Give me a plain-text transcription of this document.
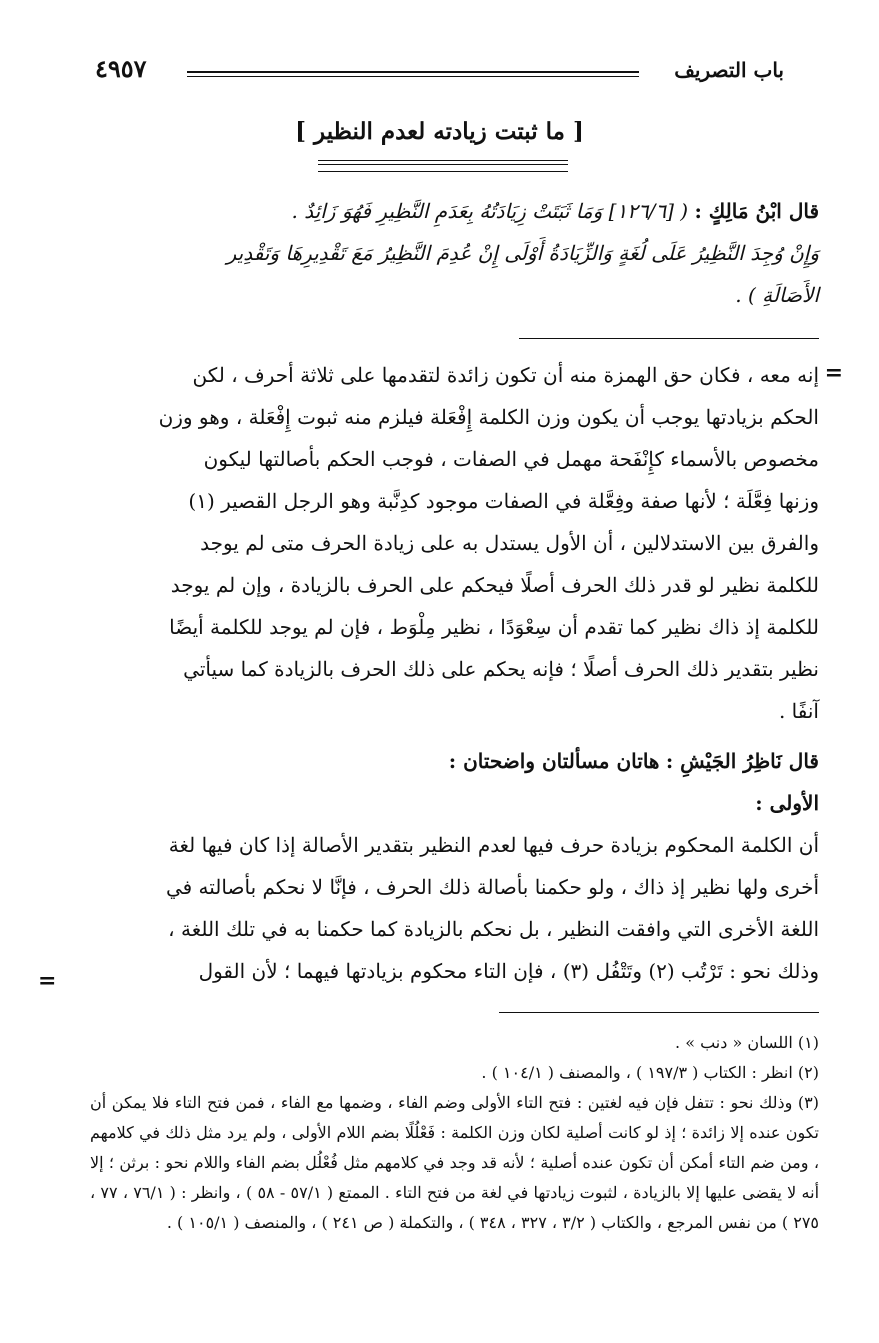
باب التصريف
٤٩٥٧
[ ما ثبتت زيادته لعدم النظير ]

قال ابْنُ مَالِكٍ : ( [١٢٦/٦] وَمَا ثَبَتَتْ زِيَادَتُهُ بِعَدَمِ النَّظِيرِ فَهُوَ زَائِدٌ .

وَإِنْ وُجِدَ النَّظِيرُ عَلَى لُغَةٍ وَالزِّيَادَةُ أَوْلَى إِنْ عُدِمَ النَّظِيرُ مَعَ تَقْدِيرِهَا وَتَقْدِير

الأَصَالَةِ ) .

=

إنه معه ، فكان حق الهمزة منه أن تكون زائدة لتقدمها على ثلاثة أحرف ، لكن

الحكم بزيادتها يوجب أن يكون وزن الكلمة إِفْعَلة فيلزم منه ثبوت إِفْعَلة ، وهو وزن

مخصوص بالأسماء كإِنْفَحة مهمل في الصفات ، فوجب الحكم بأصالتها ليكون

وزنها فِعَّلَة ؛ لأنها صفة وفِعَّلة في الصفات موجود كدِنَّبة وهو الرجل القصير (١)

والفرق بين الاستدلالين ، أن الأول يستدل به على زيادة الحرف متى لم يوجد

للكلمة نظير لو قدر ذلك الحرف أصلًا فيحكم على الحرف بالزيادة ، وإن لم يوجد

للكلمة إذ ذاك نظير كما تقدم أن سِعْوَدًا ، نظير مِلْوَط ، فإن لم يوجد للكلمة أيضًا

نظير بتقدير ذلك الحرف أصلًا ؛ فإنه يحكم على ذلك الحرف بالزيادة كما سيأتي

آنفًا .

قال نَاظِرُ الجَيْشِ : هاتان مسألتان واضحتان :

الأولى :

أن الكلمة المحكوم بزيادة حرف فيها لعدم النظير بتقدير الأصالة إذا كان فيها لغة

أخرى ولها نظير إذ ذاك ، ولو حكمنا بأصالة ذلك الحرف ، فإنَّا لا نحكم بأصالته في

اللغة الأخرى التي وافقت النظير ، بل نحكم بالزيادة كما حكمنا به في تلك اللغة ،

وذلك نحو : تَرْتُب (٢) وتَتْفُل (٣) ، فإن التاء محكوم بزيادتها فيهما ؛ لأن القول

=

(١) اللسان « دنب » .

(٢) انظر : الكتاب ( ١٩٧/٣ ) ، والمصنف ( ١٠٤/١ ) .

(٣) وذلك نحو : تتفل فإن فيه لغتين : فتح التاء الأولى وضم الفاء ، وضمها مع الفاء ، فمن فتح التاء فلا يمكن أن تكون عنده إلا زائدة ؛ إذ لو كانت أصلية لكان وزن الكلمة : فَعْلُلًا بضم اللام الأولى ، ولم يرد مثل ذلك في كلامهم ، ومن ضم التاء أمكن أن تكون عنده أصلية ؛ لأنه قد وجد في كلامهم مثل فُعْلُل بضم الفاء واللام نحو : برثن ؛ إلا أنه لا يقضى عليها إلا بالزيادة ، لثبوت زيادتها في لغة من فتح التاء . الممتع ( ٥٧/١ - ٥٨ ) ، وانظر : ( ٧٦/١ ، ٧٧ ، ٢٧٥ ) من نفس المرجع ، والكتاب ( ٣/٢ ، ٣٢٧ ، ٣٤٨ ) ، والتكملة ( ص ٢٤١ ) ، والمنصف ( ١٠٥/١ ) .
